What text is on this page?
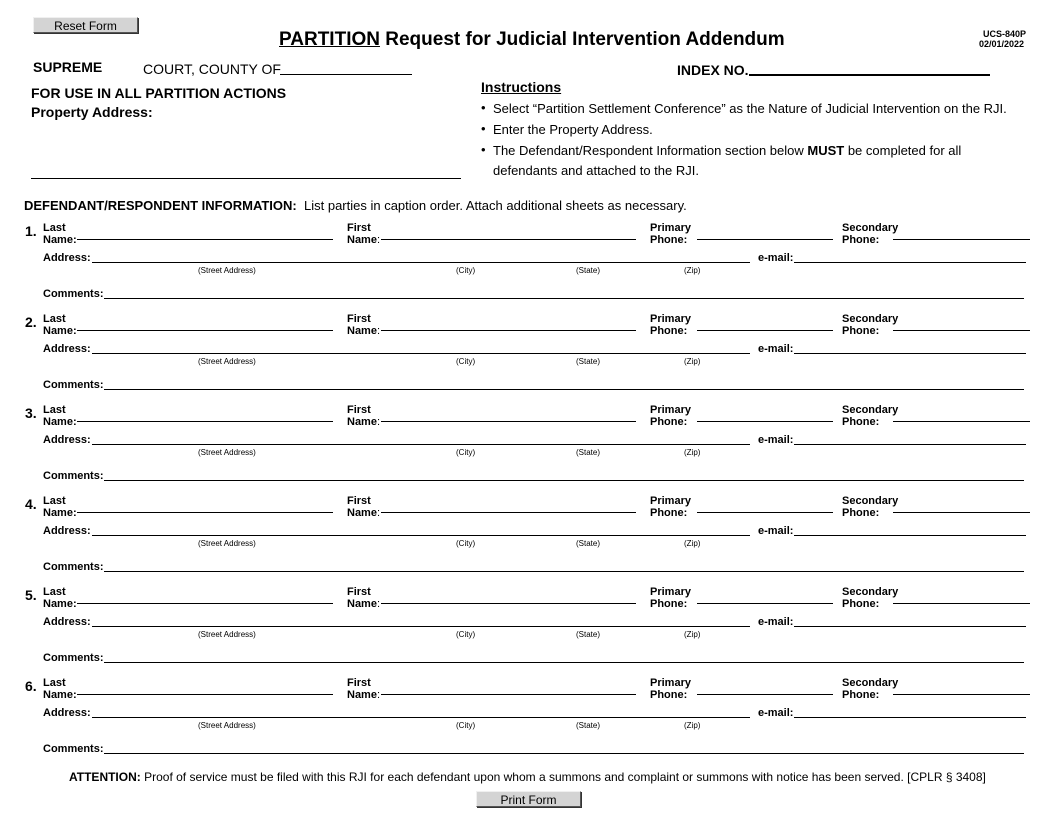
Reset Form
PARTITION Request for Judicial Intervention Addendum	UCS-840P
02/01/2022
SUPREME	COURT, COUNTY OF	INDEX NO.
FOR USE IN ALL PARTITION ACTIONS
Property Address:
Instructions
• Select “Partition Settlement Conference” as the Nature of Judicial Intervention on the RJI.
• Enter the Property Address.
• The Defendant/Respondent Information section below MUST be completed for all
defendants and attached to the RJI.
DEFENDANT/RESPONDENT INFORMATION: List parties in caption order. Attach additional sheets as necessary.
1. Last
Name:
First
Name:
Primary
Phone:
Secondary
Phone:
Address:	e-mail:
(Street Address)	(City)	(State)	(Zip)
Comments:
2. Last
Name:
First
Name:
Primary
Phone:
Secondary
Phone:
Address:	e-mail:
(Street Address)	(City)	(State)	(Zip)
Comments:
3. Last
Name:
First
Name:
Primary
Phone:
Secondary
Phone:
Address:	e-mail:
(Street Address)	(City)	(State)	(Zip)
Comments:
4. Last
Name:
First
Name:
Primary
Phone:
Secondary
Phone:
Address:	e-mail:
(Street Address)	(City)	(State)	(Zip)
Comments:
5. Last
Name:
First
Name:
Primary
Phone:
Secondary
Phone:
Address:	e-mail:
(Street Address)	(City)	(State)	(Zip)
Comments:
6. Last
Name:
First
Name:
Primary
Phone:
Secondary
Phone:
Address:	e-mail:
(Street Address)	(City)	(State)	(Zip)
Comments:
ATTENTION: Proof of service must be filed with this RJI for each defendant upon whom a summons and complaint or summons with notice has been served. [CPLR § 3408]
Print Form
